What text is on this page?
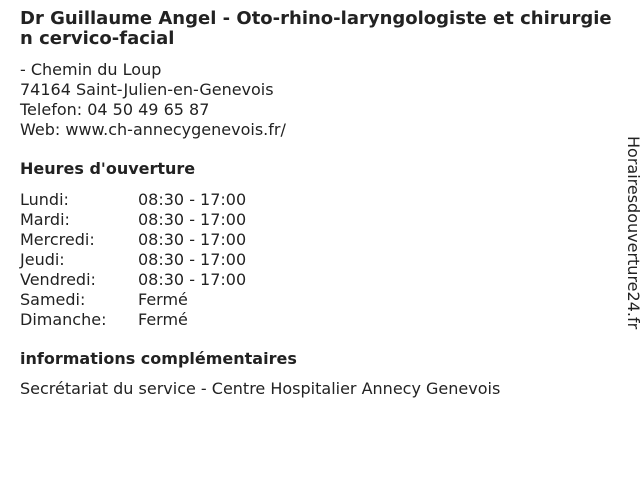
Dr Guillaume Angel - Oto-rhino-laryngologiste et chirurgien cervico-facial
- Chemin du Loup
74164 Saint-Julien-en-Genevois
Telefon: 04 50 49 65 87
Web: www.ch-annecygenevois.fr/
Heures d'ouverture
Lundi:	08:30 - 17:00
Mardi:	08:30 - 17:00
Mercredi:	08:30 - 17:00
Jeudi:	08:30 - 17:00
Vendredi:	08:30 - 17:00
Samedi:	Fermé
Dimanche:	Fermé
informations complémentaires
Secrétariat du service - Centre Hospitalier Annecy Genevois
Horairesdouverture24.fr
